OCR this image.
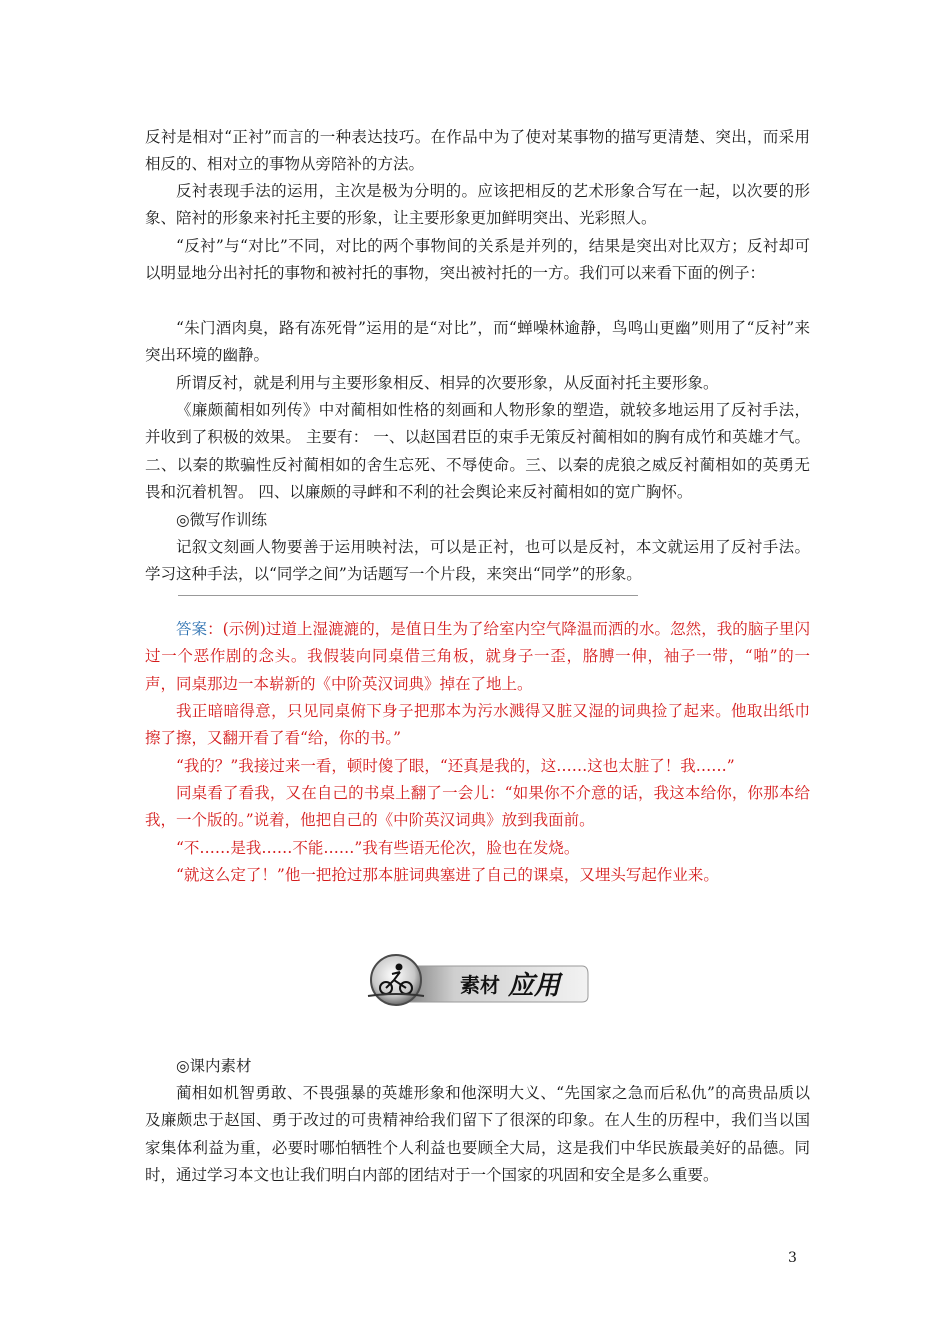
反衬是相对“正衬”而言的一种表达技巧。在作品中为了使对某事物的描写更清楚、突出，而采用相反的、相对立的事物从旁陪补的方法。

反衬表现手法的运用，主次是极为分明的。应该把相反的艺术形象合写在一起，以次要的形象、陪衬的形象来衬托主要的形象，让主要形象更加鲜明突出、光彩照人。

“反衬”与“对比”不同，对比的两个事物间的关系是并列的，结果是突出对比双方；反衬却可以明显地分出衬托的事物和被衬托的事物，突出被衬托的一方。我们可以来看下面的例子：

“朱门酒肉臭，路有冻死骨”运用的是“对比”，而“蝉噪林逾静，鸟鸣山更幽”则用了“反衬”来突出环境的幽静。

所谓反衬，就是利用与主要形象相反、相异的次要形象，从反面衬托主要形象。

《廉颇蔺相如列传》中对蔺相如性格的刻画和人物形象的塑造，就较多地运用了反衬手法，并收到了积极的效果。 主要有： 一、以赵国君臣的束手无策反衬蔺相如的胸有成竹和英雄才气。二、以秦的欺骗性反衬蔺相如的舍生忘死、不辱使命。三、以秦的虎狼之威反衬蔺相如的英勇无畏和沉着机智。 四、以廉颇的寻衅和不利的社会舆论来反衬蔺相如的宽广胸怀。

◎微写作训练

记叙文刻画人物要善于运用映衬法，可以是正衬，也可以是反衬，本文就运用了反衬手法。学习这种手法，以“同学之间”为话题写一个片段，来突出“同学”的形象。

答案：(示例)过道上湿漉漉的，是值日生为了给室内空气降温而洒的水。忽然，我的脑子里闪过一个恶作剧的念头。我假装向同桌借三角板，就身子一歪，胳膊一伸，袖子一带，“啪”的一声，同桌那边一本崭新的《中阶英汉词典》掉在了地上。

我正暗暗得意，只见同桌俯下身子把那本为污水溅得又脏又湿的词典捡了起来。他取出纸巾擦了擦，又翻开看了看“给，你的书。”

“我的？”我接过来一看，顿时傻了眼，“还真是我的，这……这也太脏了！我……”

同桌看了看我，又在自己的书桌上翻了一会儿：“如果你不介意的话，我这本给你，你那本给我，一个版的。”说着，他把自己的《中阶英汉词典》放到我面前。

“不……是我……不能……”我有些语无伦次，脸也在发烧。

“就这么定了！”他一把抢过那本脏词典塞进了自己的课桌，又埋头写起作业来。

素材 应用

◎课内素材

蔺相如机智勇敢、不畏强暴的英雄形象和他深明大义、“先国家之急而后私仇”的高贵品质以及廉颇忠于赵国、勇于改过的可贵精神给我们留下了很深的印象。在人生的历程中，我们当以国家集体利益为重，必要时哪怕牺牲个人利益也要顾全大局，这是我们中华民族最美好的品德。同时，通过学习本文也让我们明白内部的团结对于一个国家的巩固和安全是多么重要。

3
